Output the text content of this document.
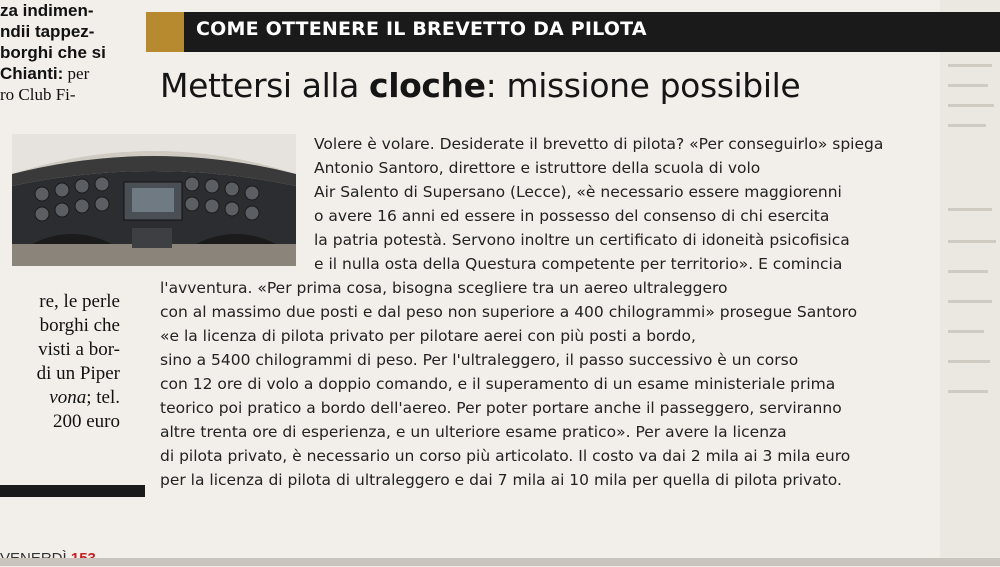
za indimen-
ndii tappez-
borghi che si
Chianti: per
ro Club Fi-
re, le perle
borghi che
visti a bor-
di un Piper
vona; tel.
200 euro
COME OTTENERE IL BREVETTO DA PILOTA
Mettersi alla cloche: missione possibile
Volere è volare. Desiderate il brevetto di pilota? «Per conseguirlo» spiega
Antonio Santoro, direttore e istruttore della scuola di volo
Air Salento di Supersano (Lecce), «è necessario essere maggiorenni
o avere 16 anni ed essere in possesso del consenso di chi esercita
la patria potestà. Servono inoltre un certificato di idoneità psicofisica
e il nulla osta della Questura competente per territorio». E comincia
l'avventura. «Per prima cosa, bisogna scegliere tra un aereo ultraleggero
con al massimo due posti e dal peso non superiore a 400 chilogrammi» prosegue Santoro
«e la licenza di pilota privato per pilotare aerei con più posti a bordo,
sino a 5400 chilogrammi di peso. Per l'ultraleggero, il passo successivo è un corso
con 12 ore di volo a doppio comando, e il superamento di un esame ministeriale prima
teorico poi pratico a bordo dell'aereo. Per poter portare anche il passeggero, serviranno
altre trenta ore di esperienza, e un ulteriore esame pratico». Per avere la licenza
di pilota privato, è necessario un corso più articolato. Il costo va dai 2 mila ai 3 mila euro
per la licenza di pilota di ultraleggero e dai 7 mila ai 10 mila per quella di pilota privato.
